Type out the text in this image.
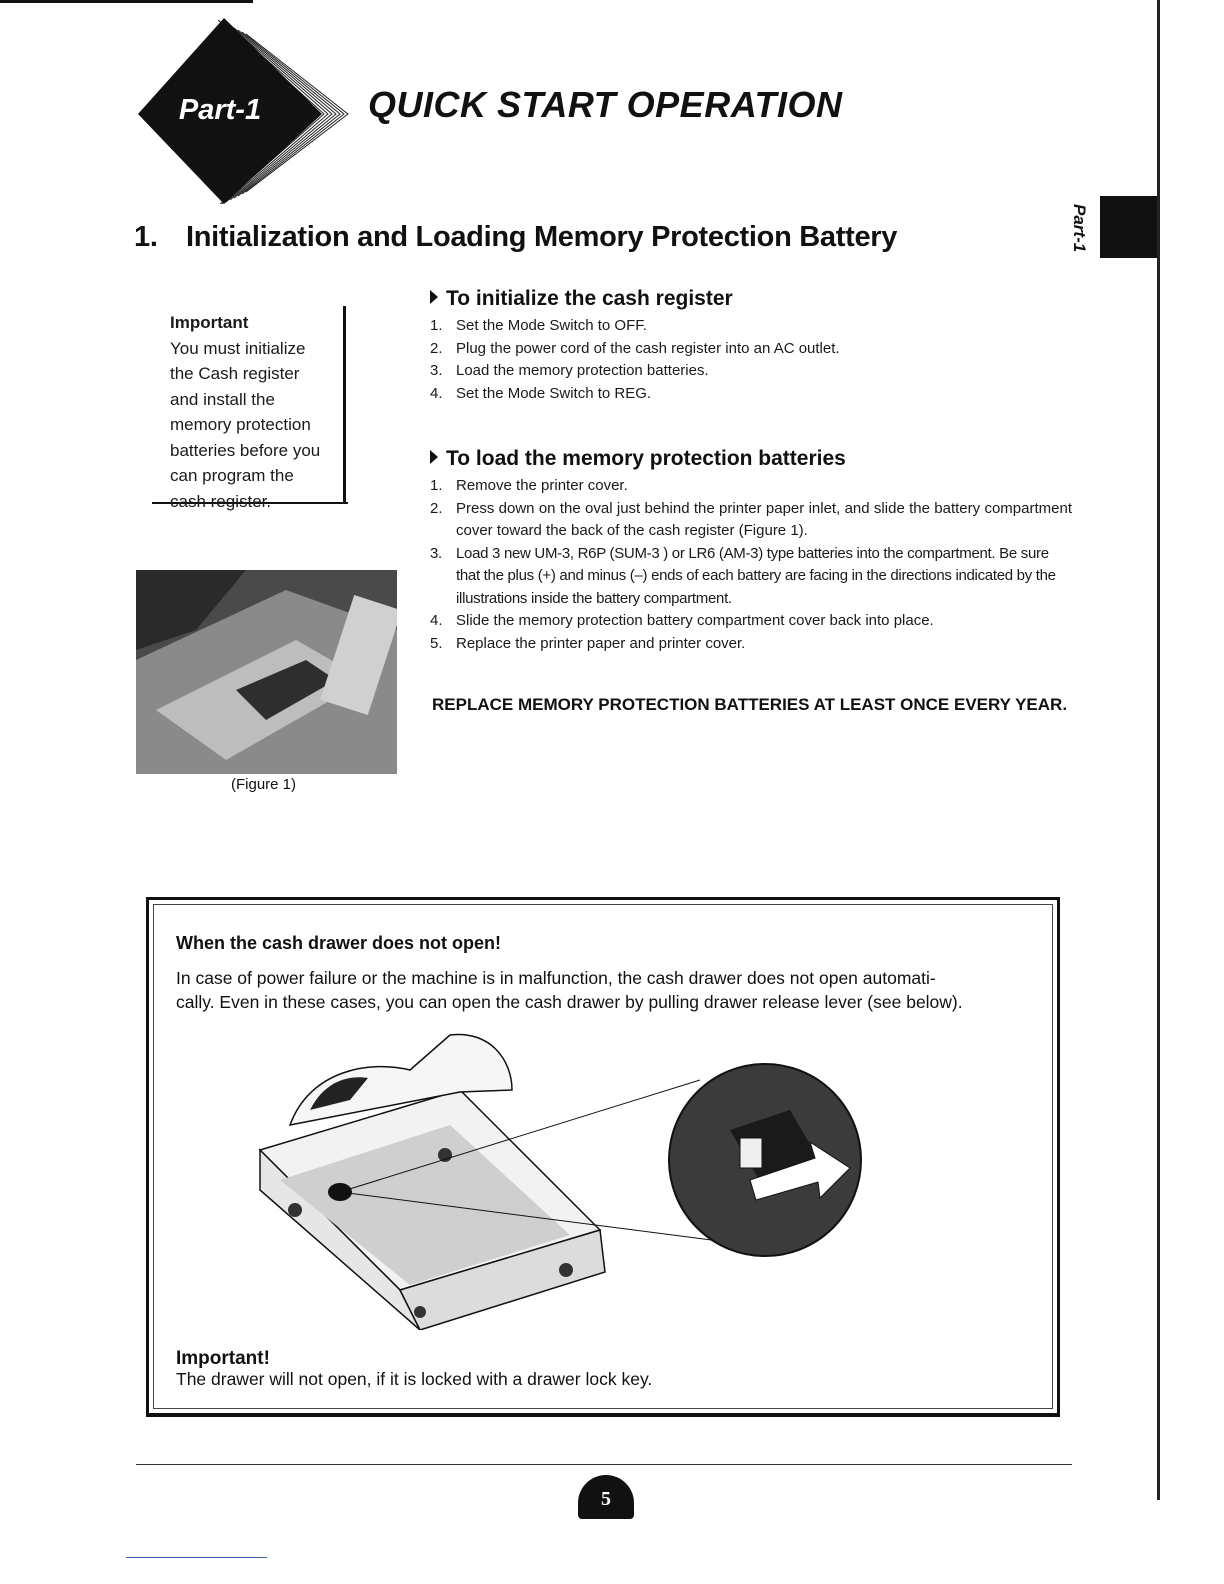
Part-1
Part-1	QUICK START OPERATION
1. Initialization and Loading Memory Protection Battery
Important
You must initialize
the Cash register
and install the
memory protection
batteries before you
can program the
cash register.
(Figure 1)
To initialize the cash register
1. Set the Mode Switch to OFF.
2. Plug the power cord of the cash register into an AC outlet.
3. Load the memory protection batteries.
4. Set the Mode Switch to REG.
To load the memory protection batteries
1. Remove the printer cover.
2. Press down on the oval just behind the printer paper inlet, and slide the battery compartment cover toward the back of the cash register (Figure 1).
3. Load 3 new UM-3, R6P (SUM-3 ) or LR6 (AM-3) type batteries into the compartment. Be sure that the plus (+) and minus (–) ends of each battery are facing in the directions indicated by the illustrations inside the battery compartment.
4. Slide the memory protection battery compartment cover back into place.
5. Replace the printer paper and printer cover.
REPLACE MEMORY PROTECTION BATTERIES AT LEAST ONCE EVERY YEAR.
When the cash drawer does not open!
In case of power failure or the machine is in malfunction, the cash drawer does not open automati-
cally. Even in these cases, you can open the cash drawer by pulling drawer release lever (see below).
Important!
The drawer will not open, if it is locked with a drawer lock key.
5
